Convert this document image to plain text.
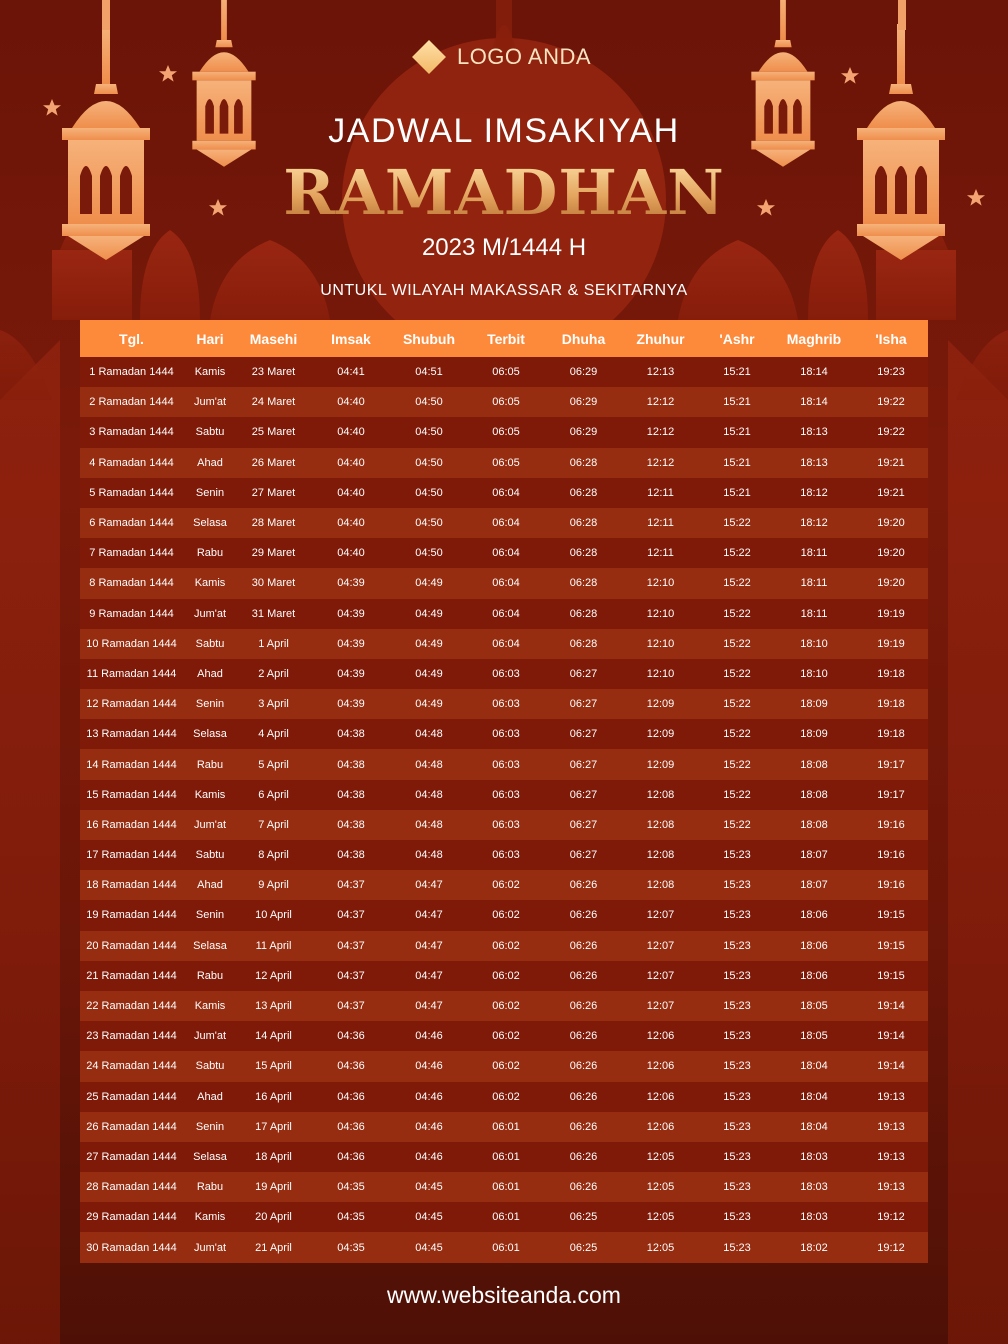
LOGO ANDA
JADWAL IMSAKIYAH
RAMADHAN
2023 M/1444 H
UNTUKL WILAYAH MAKASSAR & SEKITARNYA
Tgl.	Hari	Masehi	Imsak	Shubuh	Terbit	Dhuha	Zhuhur	'Ashr	Maghrib	'Isha
1 Ramadan 1444	Kamis	23 Maret	04:41	04:51	06:05	06:29	12:13	15:21	18:14	19:23
2 Ramadan 1444	Jum'at	24 Maret	04:40	04:50	06:05	06:29	12:12	15:21	18:14	19:22
3 Ramadan 1444	Sabtu	25 Maret	04:40	04:50	06:05	06:29	12:12	15:21	18:13	19:22
4 Ramadan 1444	Ahad	26 Maret	04:40	04:50	06:05	06:28	12:12	15:21	18:13	19:21
5 Ramadan 1444	Senin	27 Maret	04:40	04:50	06:04	06:28	12:11	15:21	18:12	19:21
6 Ramadan 1444	Selasa	28 Maret	04:40	04:50	06:04	06:28	12:11	15:22	18:12	19:20
7 Ramadan 1444	Rabu	29 Maret	04:40	04:50	06:04	06:28	12:11	15:22	18:11	19:20
8 Ramadan 1444	Kamis	30 Maret	04:39	04:49	06:04	06:28	12:10	15:22	18:11	19:20
9 Ramadan 1444	Jum'at	31 Maret	04:39	04:49	06:04	06:28	12:10	15:22	18:11	19:19
10 Ramadan 1444	Sabtu	1 April	04:39	04:49	06:04	06:28	12:10	15:22	18:10	19:19
11 Ramadan 1444	Ahad	2 April	04:39	04:49	06:03	06:27	12:10	15:22	18:10	19:18
12 Ramadan 1444	Senin	3 April	04:39	04:49	06:03	06:27	12:09	15:22	18:09	19:18
13 Ramadan 1444	Selasa	4 April	04:38	04:48	06:03	06:27	12:09	15:22	18:09	19:18
14 Ramadan 1444	Rabu	5 April	04:38	04:48	06:03	06:27	12:09	15:22	18:08	19:17
15 Ramadan 1444	Kamis	6 April	04:38	04:48	06:03	06:27	12:08	15:22	18:08	19:17
16 Ramadan 1444	Jum'at	7 April	04:38	04:48	06:03	06:27	12:08	15:22	18:08	19:16
17 Ramadan 1444	Sabtu	8 April	04:38	04:48	06:03	06:27	12:08	15:23	18:07	19:16
18 Ramadan 1444	Ahad	9 April	04:37	04:47	06:02	06:26	12:08	15:23	18:07	19:16
19 Ramadan 1444	Senin	10 April	04:37	04:47	06:02	06:26	12:07	15:23	18:06	19:15
20 Ramadan 1444	Selasa	11 April	04:37	04:47	06:02	06:26	12:07	15:23	18:06	19:15
21 Ramadan 1444	Rabu	12 April	04:37	04:47	06:02	06:26	12:07	15:23	18:06	19:15
22 Ramadan 1444	Kamis	13 April	04:37	04:47	06:02	06:26	12:07	15:23	18:05	19:14
23 Ramadan 1444	Jum'at	14 April	04:36	04:46	06:02	06:26	12:06	15:23	18:05	19:14
24 Ramadan 1444	Sabtu	15 April	04:36	04:46	06:02	06:26	12:06	15:23	18:04	19:14
25 Ramadan 1444	Ahad	16 April	04:36	04:46	06:02	06:26	12:06	15:23	18:04	19:13
26 Ramadan 1444	Senin	17 April	04:36	04:46	06:01	06:26	12:06	15:23	18:04	19:13
27 Ramadan 1444	Selasa	18 April	04:36	04:46	06:01	06:26	12:05	15:23	18:03	19:13
28 Ramadan 1444	Rabu	19 April	04:35	04:45	06:01	06:26	12:05	15:23	18:03	19:13
29 Ramadan 1444	Kamis	20 April	04:35	04:45	06:01	06:25	12:05	15:23	18:03	19:12
30 Ramadan 1444	Jum'at	21 April	04:35	04:45	06:01	06:25	12:05	15:23	18:02	19:12
www.websiteanda.com
